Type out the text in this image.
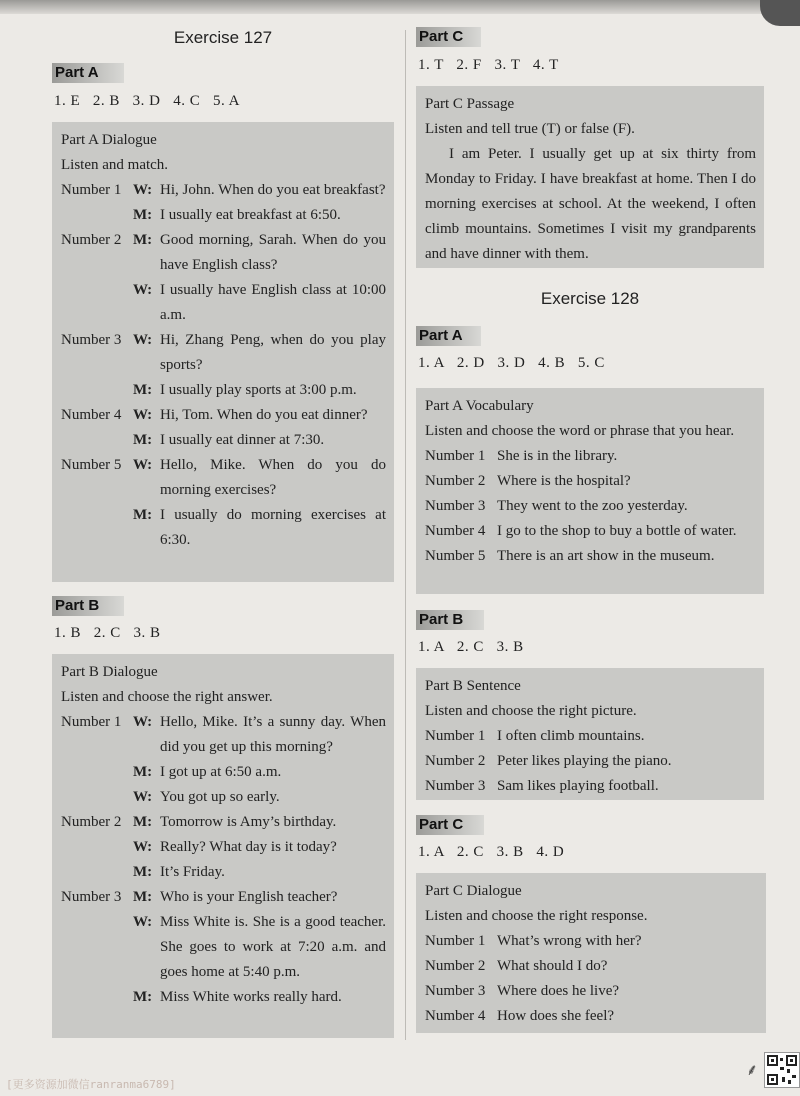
Exercise 127
Part A
1. E   2. B   3. D   4. C   5. A
Part A Dialogue
Listen and match.
Number 1 W: Hi, John. When do you eat breakfast?
M: I usually eat breakfast at 6:50.
Number 2 M: Good morning, Sarah. When do you have English class?
W: I usually have English class at 10:00 a.m.
Number 3 W: Hi, Zhang Peng, when do you play sports?
M: I usually play sports at 3:00 p.m.
Number 4 W: Hi, Tom. When do you eat dinner?
M: I usually eat dinner at 7:30.
Number 5 W: Hello, Mike. When do you do morning exercises?
M: I usually do morning exercises at 6:30.
Part B
1. B   2. C   3. B
Part B Dialogue
Listen and choose the right answer.
Number 1 W: Hello, Mike. It’s a sunny day. When did you get up this morning?
M: I got up at 6:50 a.m.
W: You got up so early.
Number 2 M: Tomorrow is Amy’s birthday.
W: Really? What day is it today?
M: It’s Friday.
Number 3 M: Who is your English teacher?
W: Miss White is. She is a good teacher. She goes to work at 7:20 a.m. and goes home at 5:40 p.m.
M: Miss White works really hard.
Part C
1. T   2. F   3. T   4. T
Part C Passage
Listen and tell true (T) or false (F).
I am Peter. I usually get up at six thirty from Monday to Friday. I have breakfast at home. Then I do morning exercises at school. At the weekend, I often climb mountains. Sometimes I visit my grandparents and have dinner with them.
Exercise 128
Part A
1. A   2. D   3. D   4. B   5. C
Part A Vocabulary
Listen and choose the word or phrase that you hear.
Number 1 She is in the library.
Number 2 Where is the hospital?
Number 3 They went to the zoo yesterday.
Number 4 I go to the shop to buy a bottle of water.
Number 5 There is an art show in the museum.
Part B
1. A   2. C   3. B
Part B Sentence
Listen and choose the right picture.
Number 1 I often climb mountains.
Number 2 Peter likes playing the piano.
Number 3 Sam likes playing football.
Part C
1. A   2. C   3. B   4. D
Part C Dialogue
Listen and choose the right response.
Number 1 What’s wrong with her?
Number 2 What should I do?
Number 3 Where does he live?
Number 4 How does she feel?
[更多资源加微信ranranma6789]
⸙
